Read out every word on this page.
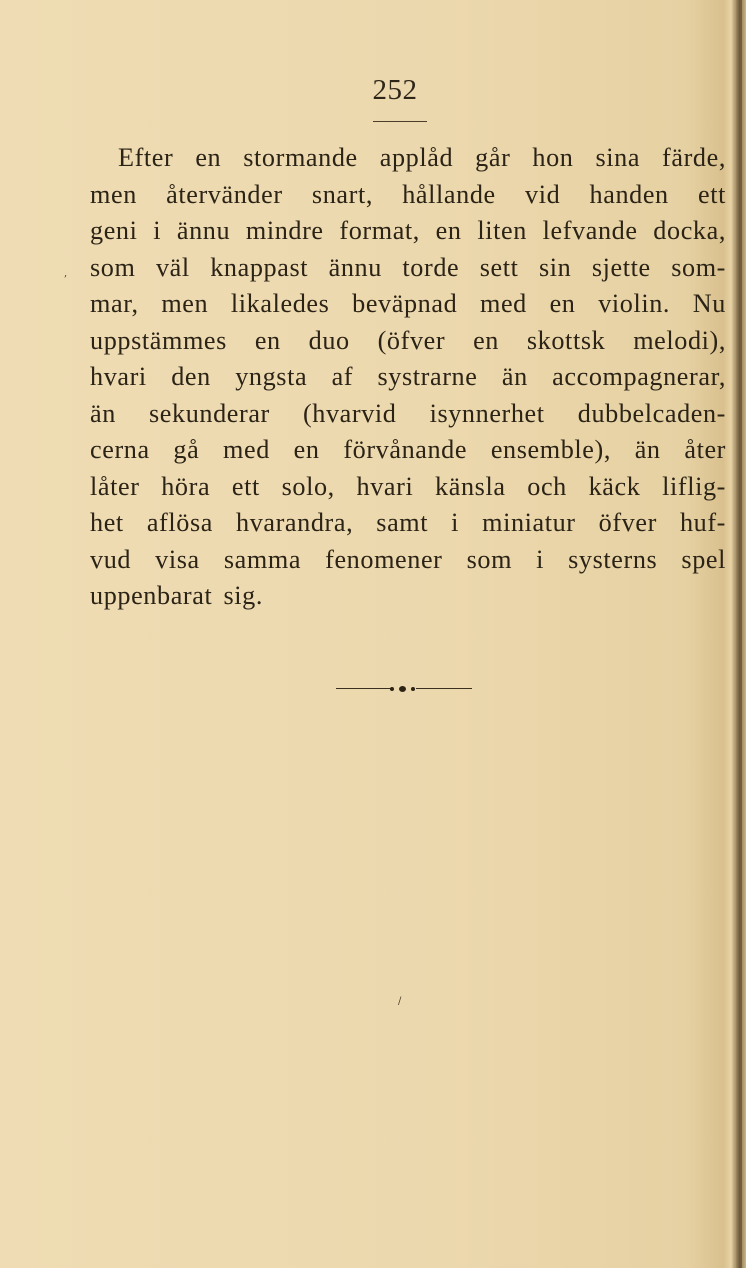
252
Efter en stormande applåd går hon sina färde,
men återvänder snart, hållande vid handen ett
geni i ännu mindre format, en liten lefvande docka,
som väl knappast ännu torde sett sin sjette som-
mar, men likaledes beväpnad med en violin. Nu
uppstämmes en duo (öfver en skottsk melodi),
hvari den yngsta af systrarne än accompagnerar,
än sekunderar (hvarvid isynnerhet dubbelcaden-
cerna gå med en förvånande ensemble), än åter
låter höra ett solo, hvari känsla och käck liflig-
het aflösa hvarandra, samt i miniatur öfver huf-
vud visa samma fenomener som i systerns spel
uppenbarat sig.
,
/
